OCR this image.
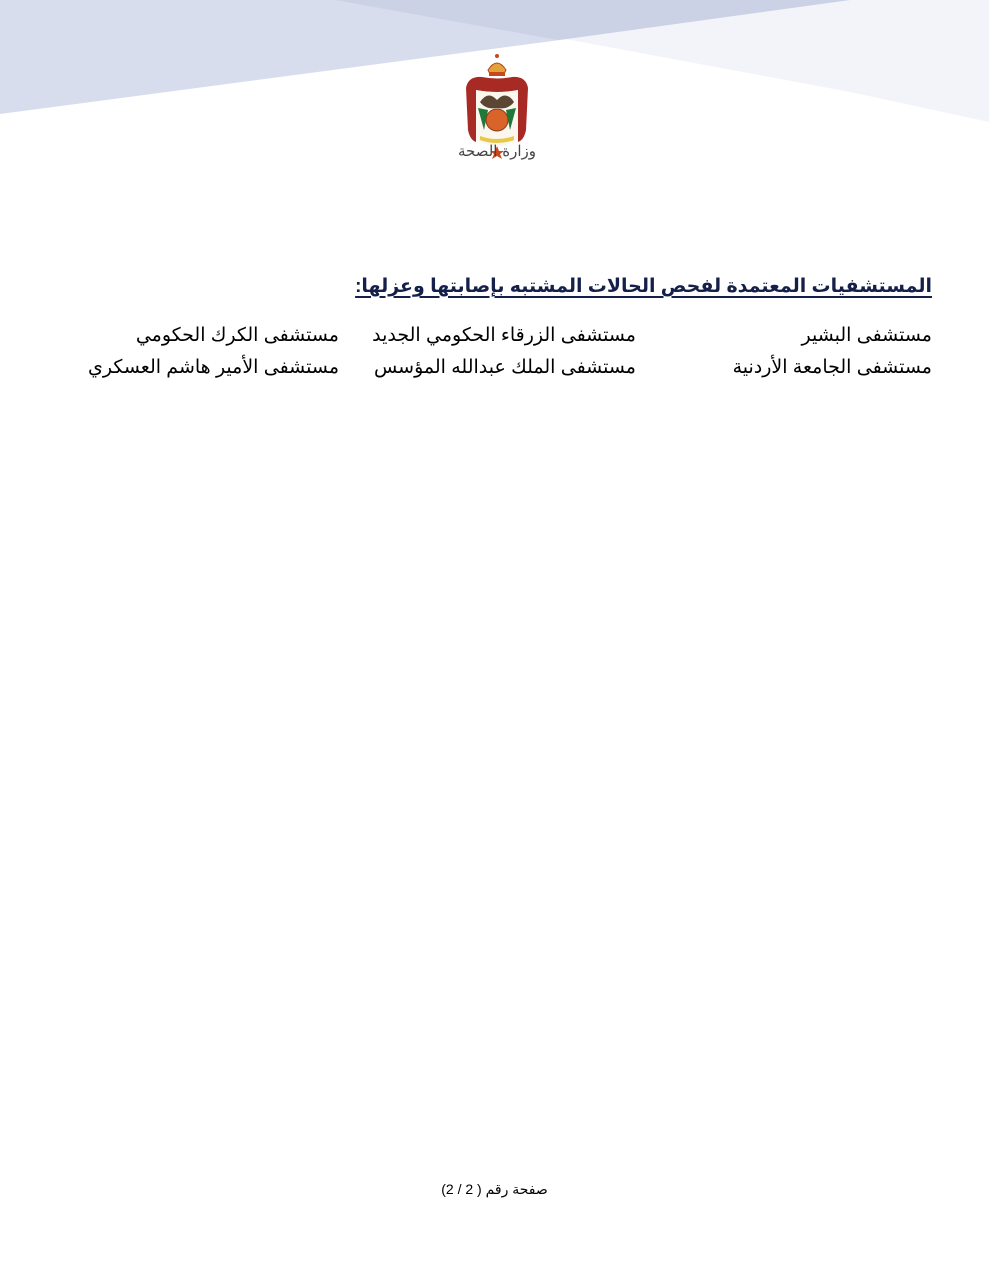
وزارة الصحة
المستشفيات المعتمدة لفحص الحالات المشتبه بإصابتها وعزلها:
مستشفى البشير
مستشفى الزرقاء الحكومي الجديد
مستشفى الكرك الحكومي
مستشفى الجامعة الأردنية
مستشفى الملك عبدالله المؤسس
مستشفى الأمير هاشم العسكري
صفحة رقم ( 2 / 2)
